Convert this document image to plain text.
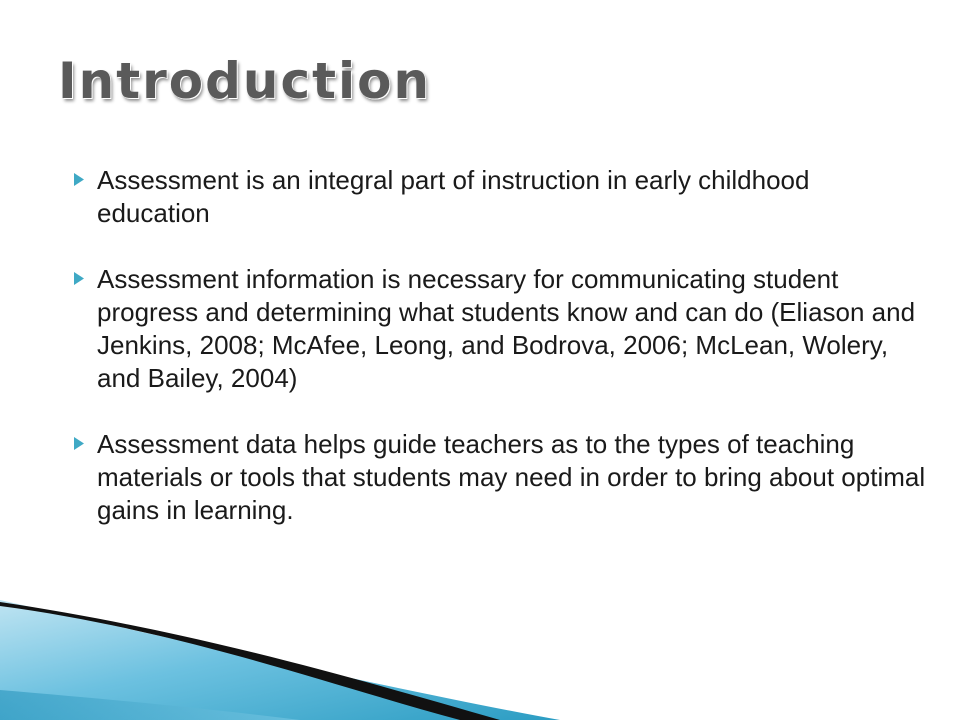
Introduction
Assessment is an integral part of instruction in early childhood education
Assessment information is necessary for communicating student progress and determining what students know and can do (Eliason and Jenkins, 2008; McAfee, Leong, and Bodrova, 2006; McLean, Wolery, and Bailey, 2004)
Assessment data helps guide teachers as to the types of teaching materials or tools that students may need in order to bring about optimal gains in learning.
